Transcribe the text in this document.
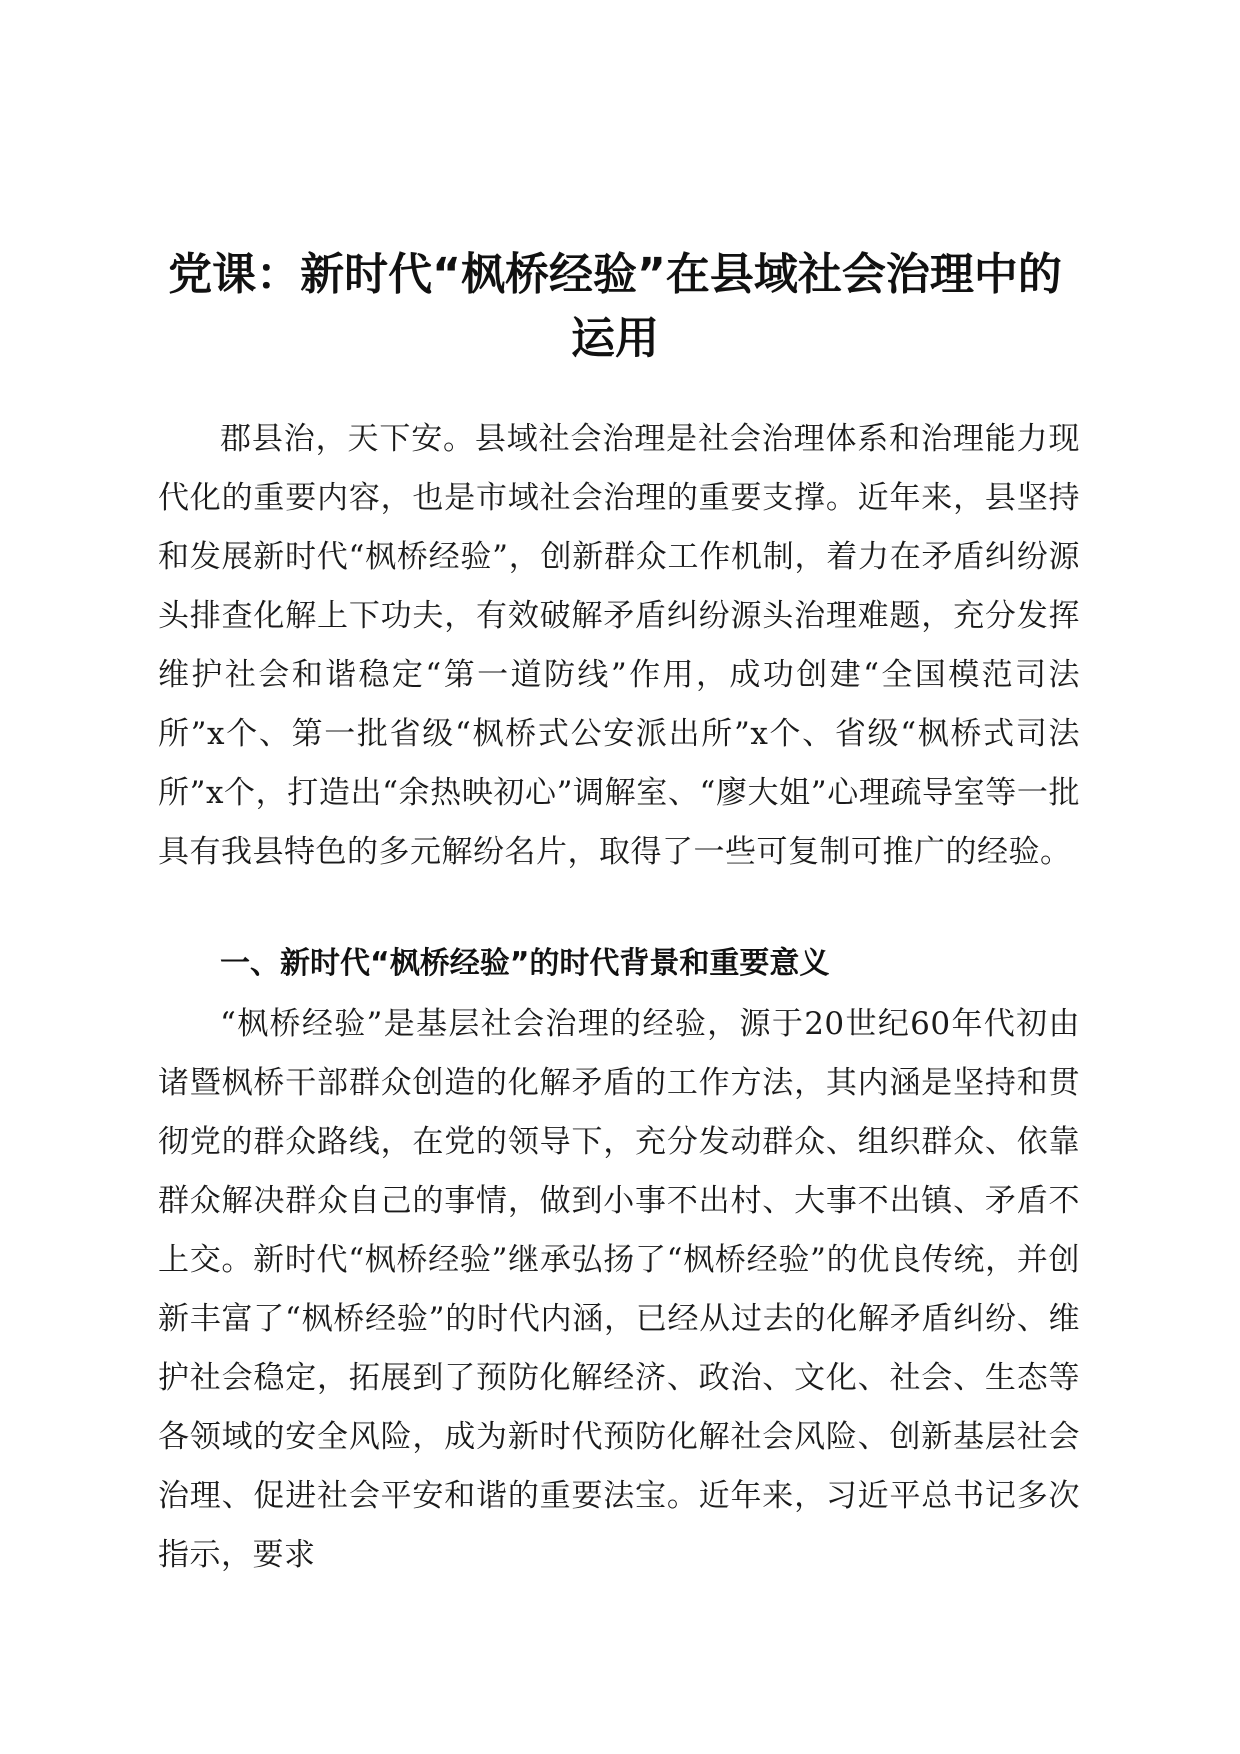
党课：新时代“枫桥经验”在县域社会治理中的运用

郡县治，天下安。县域社会治理是社会治理体系和治理能力现代化的重要内容，也是市域社会治理的重要支撑。近年来，县坚持和发展新时代“枫桥经验”，创新群众工作机制，着力在矛盾纠纷源头排查化解上下功夫，有效破解矛盾纠纷源头治理难题，充分发挥维护社会和谐稳定“第一道防线”作用，成功创建“全国模范司法所”x个、第一批省级“枫桥式公安派出所”x个、省级“枫桥式司法所”x个，打造出“余热映初心”调解室、“廖大姐”心理疏导室等一批具有我县特色的多元解纷名片，取得了一些可复制可推广的经验。

一、新时代“枫桥经验”的时代背景和重要意义

“枫桥经验”是基层社会治理的经验，源于20世纪60年代初由诸暨枫桥干部群众创造的化解矛盾的工作方法，其内涵是坚持和贯彻党的群众路线，在党的领导下，充分发动群众、组织群众、依靠群众解决群众自己的事情，做到小事不出村、大事不出镇、矛盾不上交。新时代“枫桥经验”继承弘扬了“枫桥经验”的优良传统，并创新丰富了“枫桥经验”的时代内涵，已经从过去的化解矛盾纠纷、维护社会稳定，拓展到了预防化解经济、政治、文化、社会、生态等各领域的安全风险，成为新时代预防化解社会风险、创新基层社会治理、促进社会平安和谐的重要法宝。近年来，习近平总书记多次指示，要求
